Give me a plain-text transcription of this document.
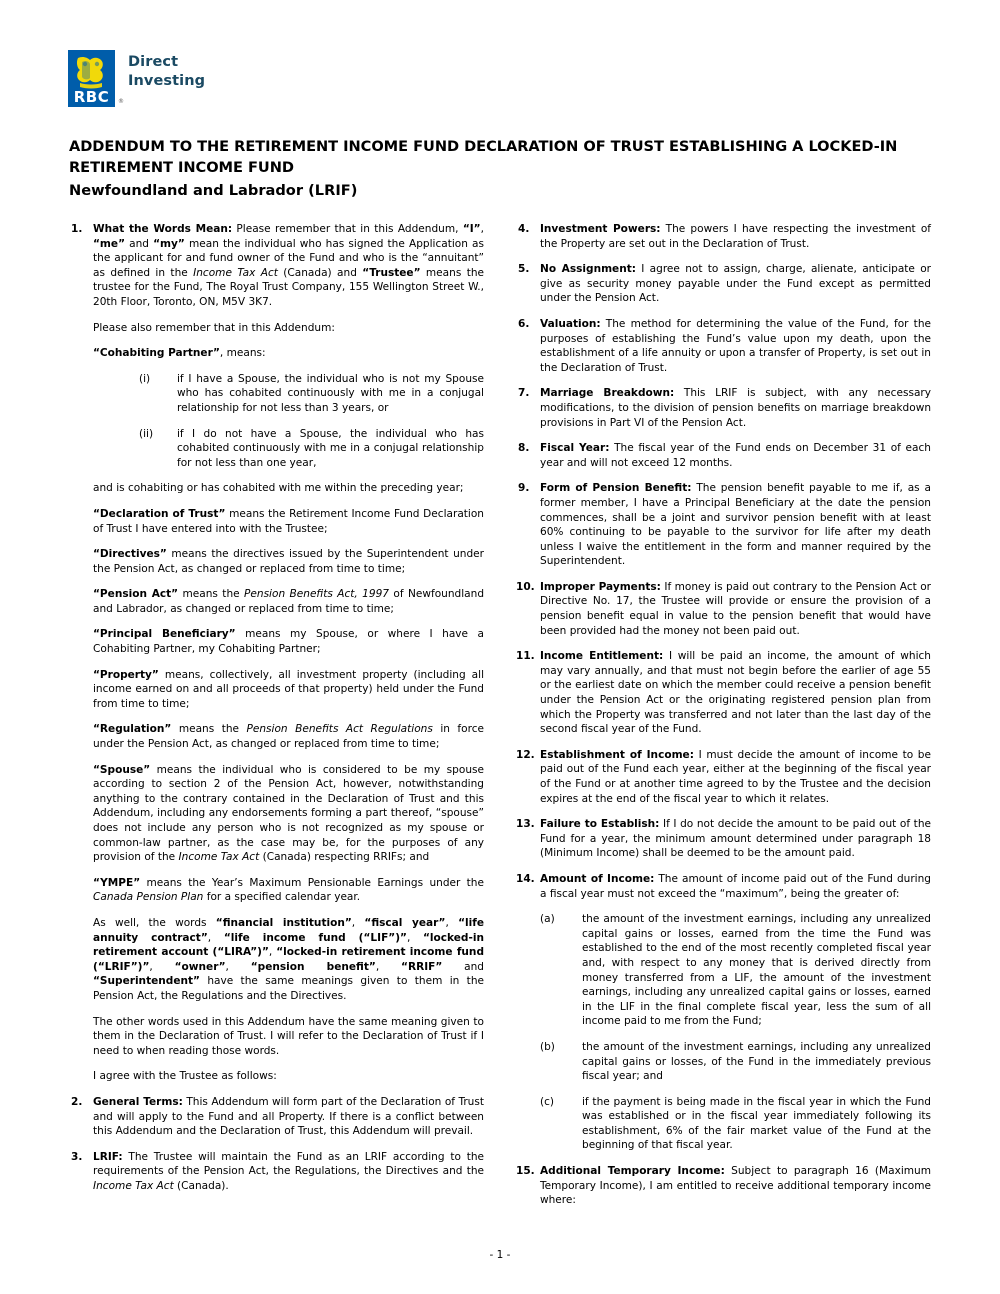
RBC ®
Direct
Investing
ADDENDUM TO THE RETIREMENT INCOME FUND DECLARATION OF TRUST ESTABLISHING A LOCKED-IN RETIREMENT INCOME FUND
Newfoundland and Labrador (LRIF)
1.	What the Words Mean: Please remember that in this Addendum, “I”, “me” and “my” mean the individual who has signed the Application as the applicant for and fund owner of the Fund and who is the “annuitant” as defined in the Income Tax Act (Canada) and “Trustee” means the trustee for the Fund, The Royal Trust Company, 155 Wellington Street W., 20th Floor, Toronto, ON, M5V 3K7.
Please also remember that in this Addendum:
“Cohabiting Partner”, means:
(i)	if I have a Spouse, the individual who is not my Spouse who has cohabited continuously with me in a conjugal relationship for not less than 3 years, or
(ii)	if I do not have a Spouse, the individual who has cohabited continuously with me in a conjugal relationship for not less than one year,
and is cohabiting or has cohabited with me within the preceding year;
“Declaration of Trust” means the Retirement Income Fund Declaration of Trust I have entered into with the Trustee;
“Directives” means the directives issued by the Superintendent under the Pension Act, as changed or replaced from time to time;
“Pension Act” means the Pension Benefits Act, 1997 of Newfoundland and Labrador, as changed or replaced from time to time;
“Principal Beneficiary” means my Spouse, or where I have a Cohabiting Partner, my Cohabiting Partner;
“Property” means, collectively, all investment property (including all income earned on and all proceeds of that property) held under the Fund from time to time;
“Regulation” means the Pension Benefits Act Regulations in force under the Pension Act, as changed or replaced from time to time;
“Spouse” means the individual who is considered to be my spouse according to section 2 of the Pension Act, however, notwithstanding anything to the contrary contained in the Declaration of Trust and this Addendum, including any endorsements forming a part thereof, “spouse” does not include any person who is not recognized as my spouse or common-law partner, as the case may be, for the purposes of any provision of the Income Tax Act (Canada) respecting RRIFs; and
“YMPE” means the Year’s Maximum Pensionable Earnings under the Canada Pension Plan for a specified calendar year.
As well, the words “financial institution”, “fiscal year”, “life annuity contract”, “life income fund (“LIF”)”, “locked-in retirement account (“LIRA”)”, “locked-in retirement income fund (“LRIF”)”, “owner”, “pension benefit”, “RRIF” and “Superintendent” have the same meanings given to them in the Pension Act, the Regulations and the Directives.
The other words used in this Addendum have the same meaning given to them in the Declaration of Trust. I will refer to the Declaration of Trust if I need to when reading those words.
I agree with the Trustee as follows:
2.	General Terms: This Addendum will form part of the Declaration of Trust and will apply to the Fund and all Property. If there is a conflict between this Addendum and the Declaration of Trust, this Addendum will prevail.
3.	LRIF: The Trustee will maintain the Fund as an LRIF according to the requirements of the Pension Act, the Regulations, the Directives and the Income Tax Act (Canada).
4.	Investment Powers: The powers I have respecting the investment of the Property are set out in the Declaration of Trust.
5.	No Assignment: I agree not to assign, charge, alienate, anticipate or give as security money payable under the Fund except as permitted under the Pension Act.
6.	Valuation: The method for determining the value of the Fund, for the purposes of establishing the Fund’s value upon my death, upon the establishment of a life annuity or upon a transfer of Property, is set out in the Declaration of Trust.
7.	Marriage Breakdown: This LRIF is subject, with any necessary modifications, to the division of pension benefits on marriage breakdown provisions in Part VI of the Pension Act.
8.	Fiscal Year: The fiscal year of the Fund ends on December 31 of each year and will not exceed 12 months.
9.	Form of Pension Benefit: The pension benefit payable to me if, as a former member, I have a Principal Beneficiary at the date the pension commences, shall be a joint and survivor pension benefit with at least 60% continuing to be payable to the survivor for life after my death unless I waive the entitlement in the form and manner required by the Superintendent.
10. Improper Payments: If money is paid out contrary to the Pension Act or Directive No. 17, the Trustee will provide or ensure the provision of a pension benefit equal in value to the pension benefit that would have been provided had the money not been paid out.
11. Income Entitlement: I will be paid an income, the amount of which may vary annually, and that must not begin before the earlier of age 55 or the earliest date on which the member could receive a pension benefit under the Pension Act or the originating registered pension plan from which the Property was transferred and not later than the last day of the second fiscal year of the Fund.
12. Establishment of Income: I must decide the amount of income to be paid out of the Fund each year, either at the beginning of the fiscal year of the Fund or at another time agreed to by the Trustee and the decision expires at the end of the fiscal year to which it relates.
13. Failure to Establish: If I do not decide the amount to be paid out of the Fund for a year, the minimum amount determined under paragraph 18 (Minimum Income) shall be deemed to be the amount paid.
14. Amount of Income: The amount of income paid out of the Fund during a fiscal year must not exceed the “maximum”, being the greater of:
(a)	the amount of the investment earnings, including any unrealized capital gains or losses, earned from the time the Fund was established to the end of the most recently completed fiscal year and, with respect to any money that is derived directly from money transferred from a LIF, the amount of the investment earnings, including any unrealized capital gains or losses, earned in the LIF in the final complete fiscal year, less the sum of all income paid to me from the Fund;
(b)	the amount of the investment earnings, including any unrealized capital gains or losses, of the Fund in the immediately previous fiscal year; and
(c)	if the payment is being made in the fiscal year in which the Fund was established or in the fiscal year immediately following its establishment, 6% of the fair market value of the Fund at the beginning of that fiscal year.
15. Additional Temporary Income: Subject to paragraph 16 (Maximum Temporary Income), I am entitled to receive additional temporary income where:
- 1 -
